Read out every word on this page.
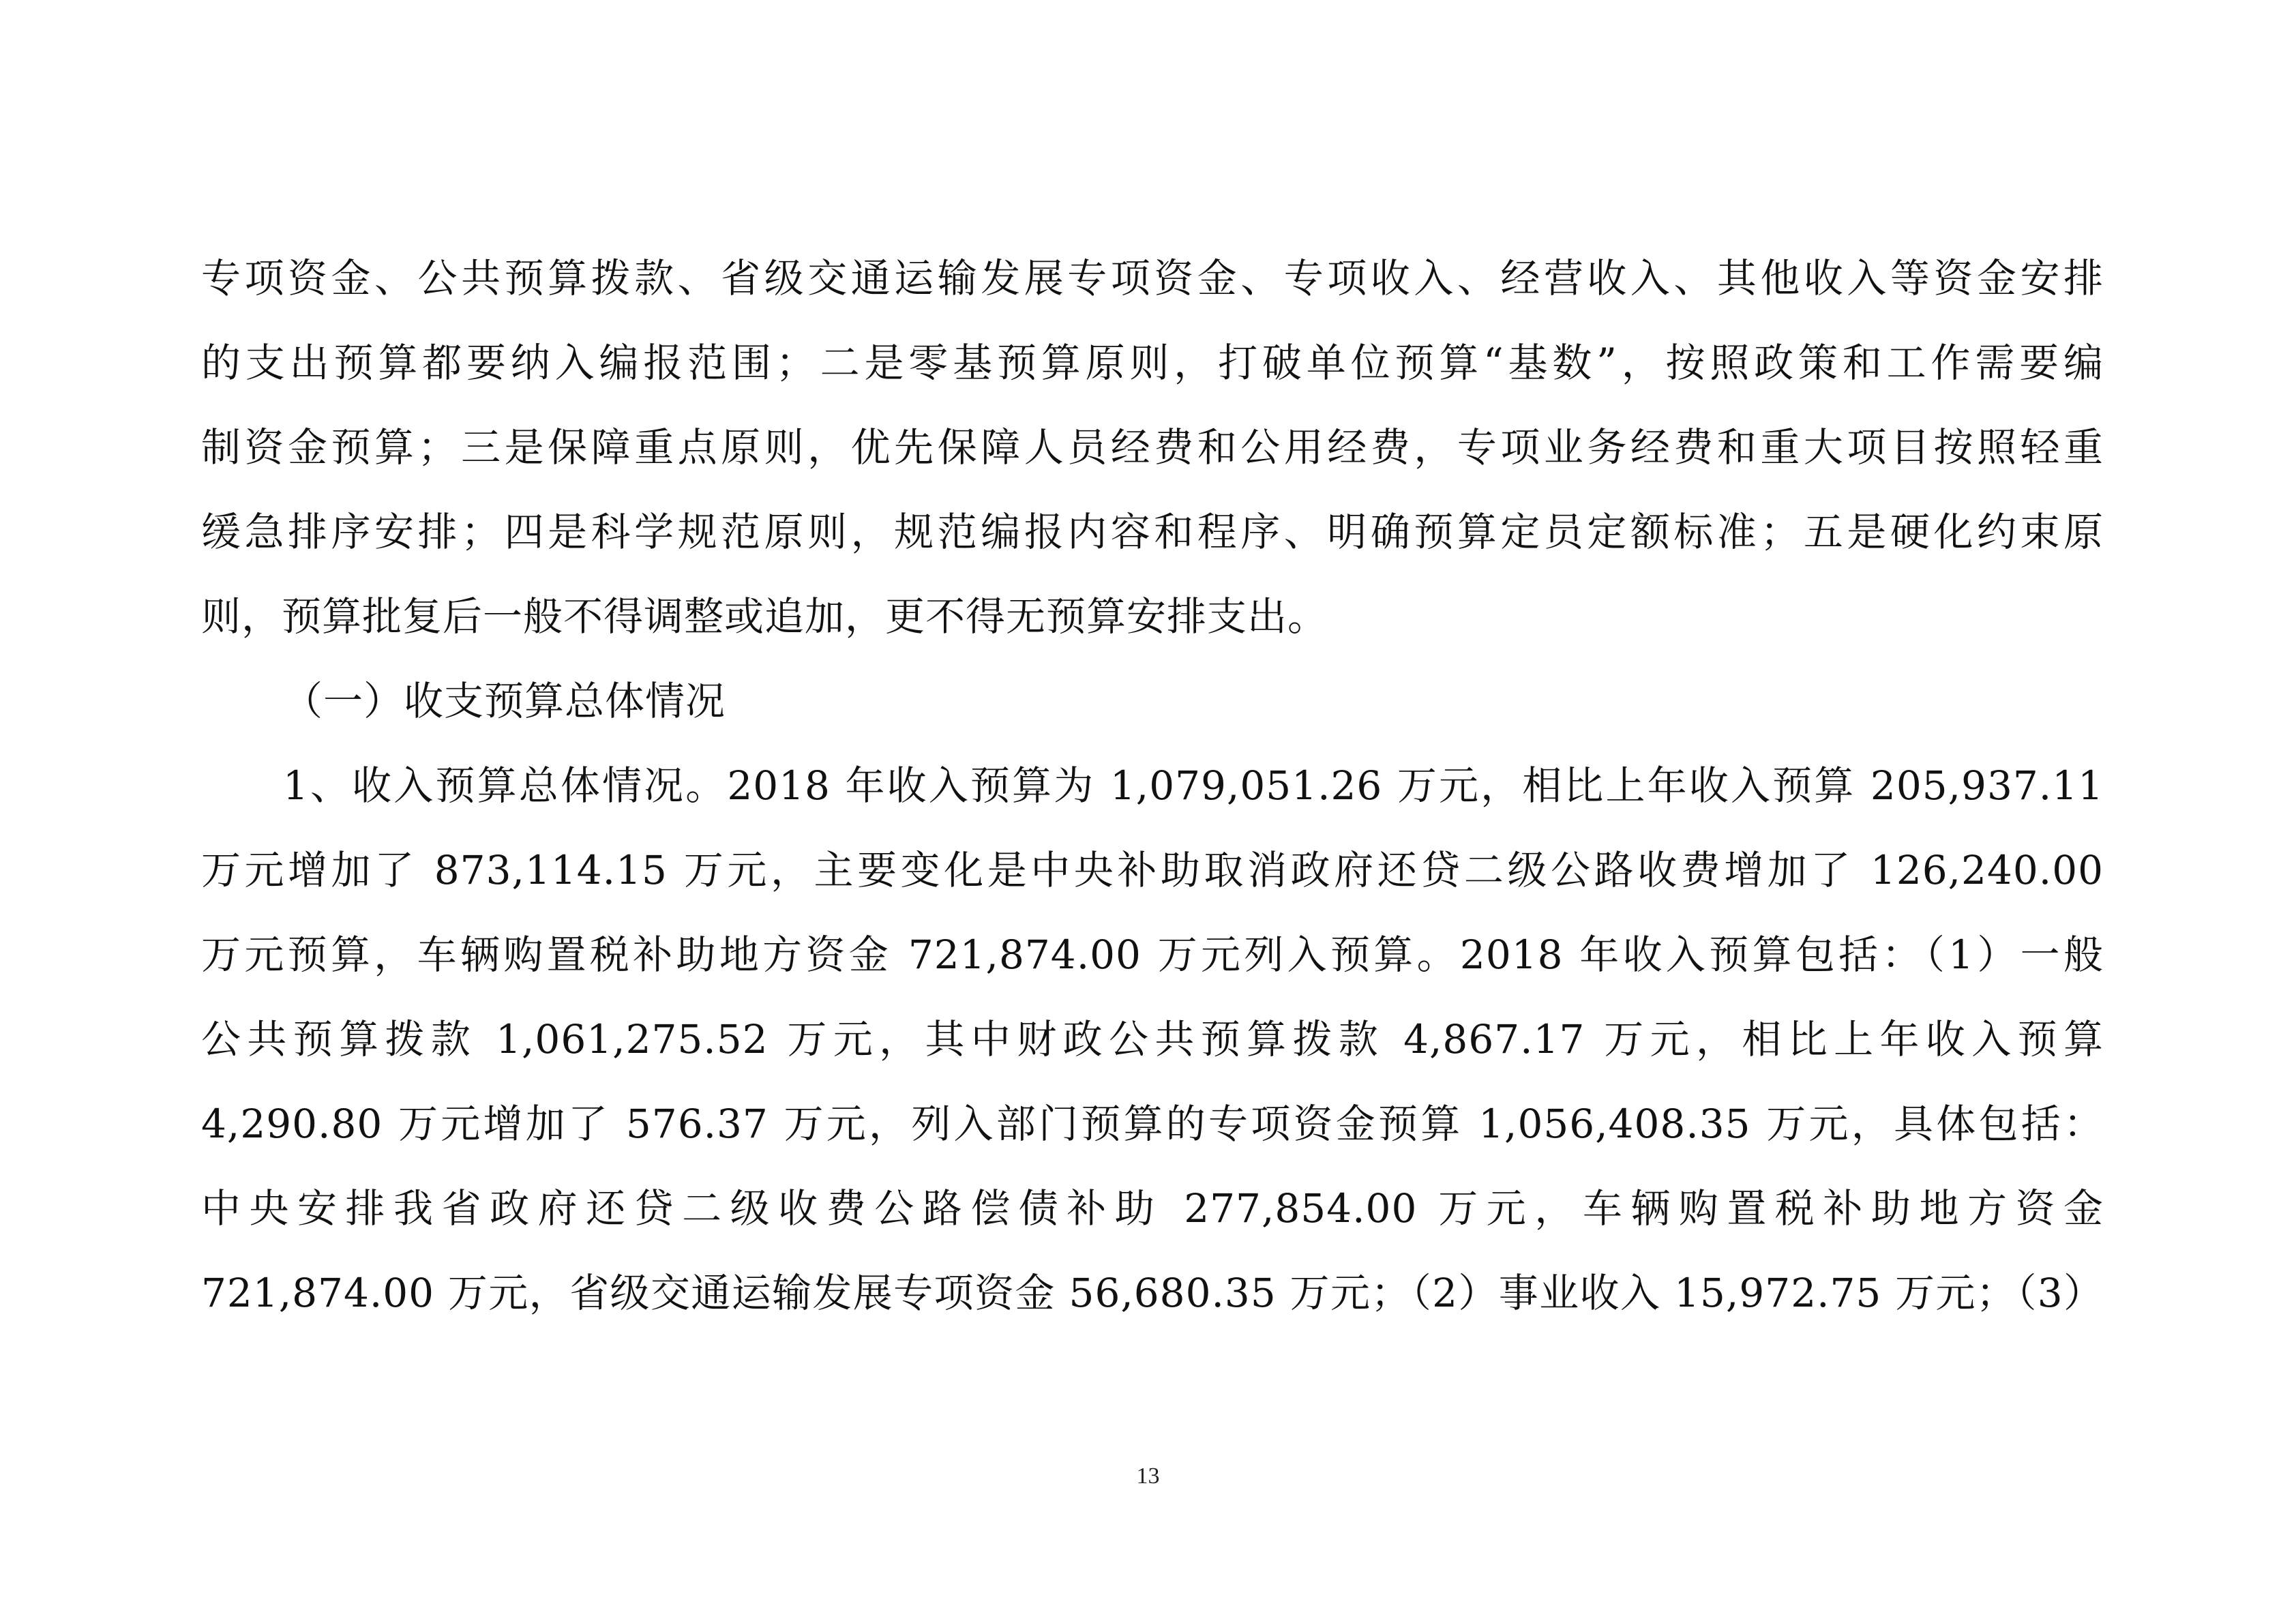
专项资金、公共预算拨款、省级交通运输发展专项资金、专项收入、经营收入、其他收入等资金安排
的支出预算都要纳入编报范围；二是零基预算原则，打破单位预算“基数”，按照政策和工作需要编
制资金预算；三是保障重点原则，优先保障人员经费和公用经费，专项业务经费和重大项目按照轻重
缓急排序安排；四是科学规范原则，规范编报内容和程序、明确预算定员定额标准；五是硬化约束原
则，预算批复后一般不得调整或追加，更不得无预算安排支出。
（一）收支预算总体情况
1、收入预算总体情况。2018 年收入预算为 1,079,051.26 万元，相比上年收入预算 205,937.11
万元增加了 873,114.15 万元，主要变化是中央补助取消政府还贷二级公路收费增加了 126,240.00
万元预算，车辆购置税补助地方资金 721,874.00 万元列入预算。2018 年收入预算包括：（1）一般
公共预算拨款 1,061,275.52 万元，其中财政公共预算拨款 4,867.17 万元，相比上年收入预算
4,290.80 万元增加了 576.37 万元，列入部门预算的专项资金预算 1,056,408.35 万元，具体包括：
中央安排我省政府还贷二级收费公路偿债补助 277,854.00 万元，车辆购置税补助地方资金
721,874.00 万元，省级交通运输发展专项资金 56,680.35 万元；（2）事业收入 15,972.75 万元；（3）
13
